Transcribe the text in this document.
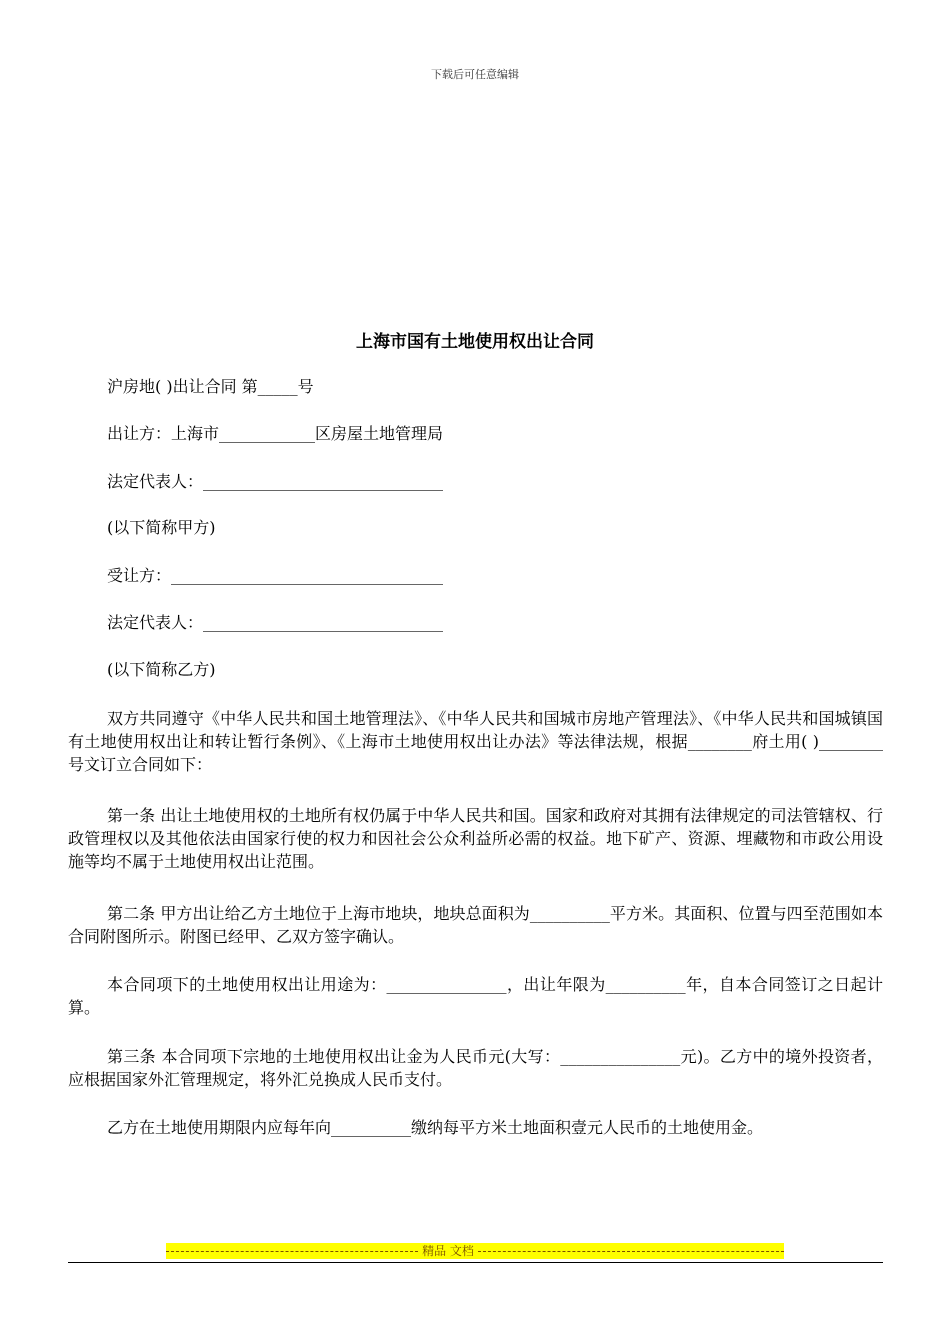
下载后可任意编辑
上海市国有土地使用权出让合同
沪房地( )出让合同 第_____号
出让方：上海市____________区房屋土地管理局
法定代表人：______________________________
(以下简称甲方)
受让方：__________________________________
法定代表人：______________________________
(以下简称乙方)
双方共同遵守《中华人民共和国土地管理法》、《中华人民共和国城市房地产管理法》、《中华人民共和国城镇国有土地使用权出让和转让暂行条例》、《上海市土地使用权出让办法》等法律法规，根据________府土用( )________号文订立合同如下：
第一条 出让土地使用权的土地所有权仍属于中华人民共和国。国家和政府对其拥有法律规定的司法管辖权、行政管理权以及其他依法由国家行使的权力和因社会公众利益所必需的权益。地下矿产、资源、埋藏物和市政公用设施等均不属于土地使用权出让范围。
第二条 甲方出让给乙方土地位于上海市地块，地块总面积为__________平方米。其面积、位置与四至范围如本合同附图所示。附图已经甲、乙双方签字确认。
本合同项下的土地使用权出让用途为：_______________，出让年限为__________年，自本合同签订之日起计算。
第三条 本合同项下宗地的土地使用权出让金为人民币元(大写：_______________元)。乙方中的境外投资者，应根据国家外汇管理规定，将外汇兑换成人民币支付。
乙方在土地使用期限内应每年向__________缴纳每平方米土地面积壹元人民币的土地使用金。
精品 文档
